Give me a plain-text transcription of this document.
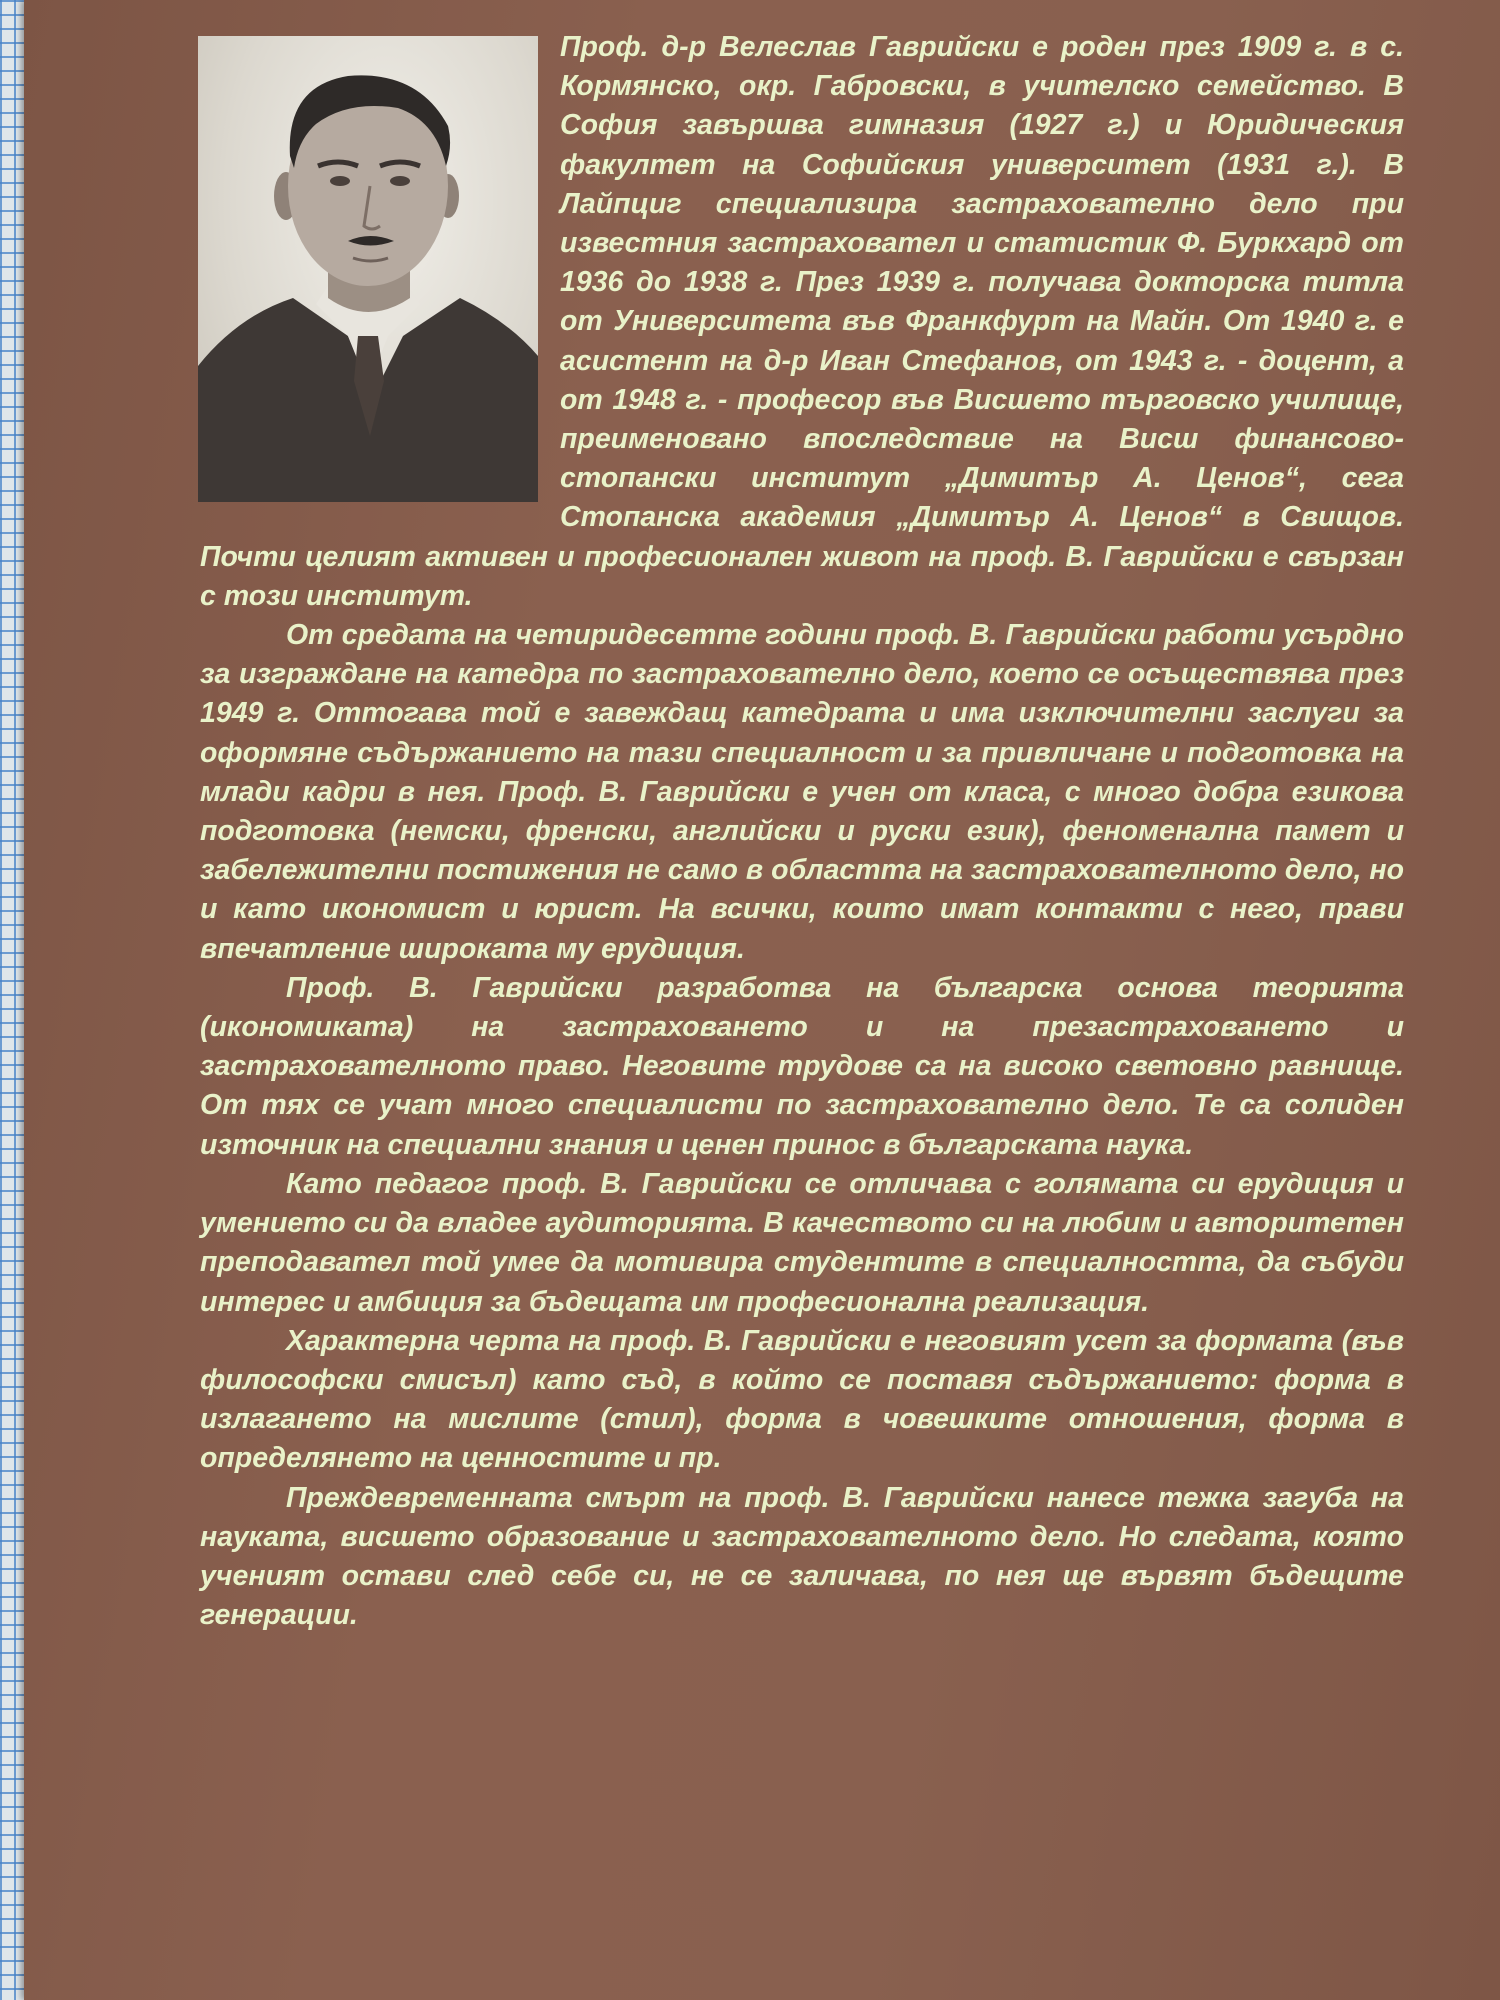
Проф. д-р Велеслав Гаврийски е роден през 1909 г. в с. Кормянско, окр. Габровски, в учителско семейство. В София завършва гимназия (1927 г.) и Юридическия факултет на Софийския университет (1931 г.). В Лайпциг специализира застрахователно дело при известния застраховател и статистик Ф. Буркхард от 1936 до 1938 г. През 1939 г. получава докторска титла от Университета във Франкфурт на Майн. От 1940 г. е асистент на д-р Иван Стефанов, от 1943 г. - доцент, а от 1948 г. - професор във Висшето търговско училище, преименовано впоследствие на Висш финансово-стопански институт „Димитър А. Ценов“, сега Стопанска академия „Димитър А. Ценов“ в Свищов. Почти целият активен и професионален живот на проф. В. Гаврийски е свързан с този институт.

От средата на четиридесетте години проф. В. Гаврийски работи усърдно за изграждане на катедра по застрахователно дело, което се осъществява през 1949 г. Оттогава той е завеждащ катедрата и има изключителни заслуги за оформяне съдържанието на тази специалност и за привличане и подготовка на млади кадри в нея. Проф. В. Гаврийски е учен от класа, с много добра езикова подготовка (немски, френски, английски и руски език), феноменална памет и забележителни постижения не само в областта на застрахователното дело, но и като икономист и юрист. На всички, които имат контакти с него, прави впечатление широката му ерудиция.

Проф. В. Гаврийски разработва на българска основа теорията (икономиката) на застраховането и на презастраховането и застрахователното право. Неговите трудове са на високо световно равнище. От тях се учат много специалисти по застрахователно дело. Те са солиден източник на специални знания и ценен принос в българската наука.

Като педагог проф. В. Гаврийски се отличава с голямата си ерудиция и умението си да владее аудиторията. В качеството си на любим и авторитетен преподавател той умее да мотивира студентите в специалността, да събуди интерес и амбиция за бъдещата им професионална реализация.

Характерна черта на проф. В. Гаврийски е неговият усет за формата (във философски смисъл) като съд, в който се поставя съдържанието: форма в излагането на мислите (стил), форма в човешките отношения, форма в определянето на ценностите и пр.

Преждевременната смърт на проф. В. Гаврийски нанесе тежка загуба на науката, висшето образование и застрахователното дело. Но следата, която ученият остави след себе си, не се заличава, по нея ще вървят бъдещите генерации.
